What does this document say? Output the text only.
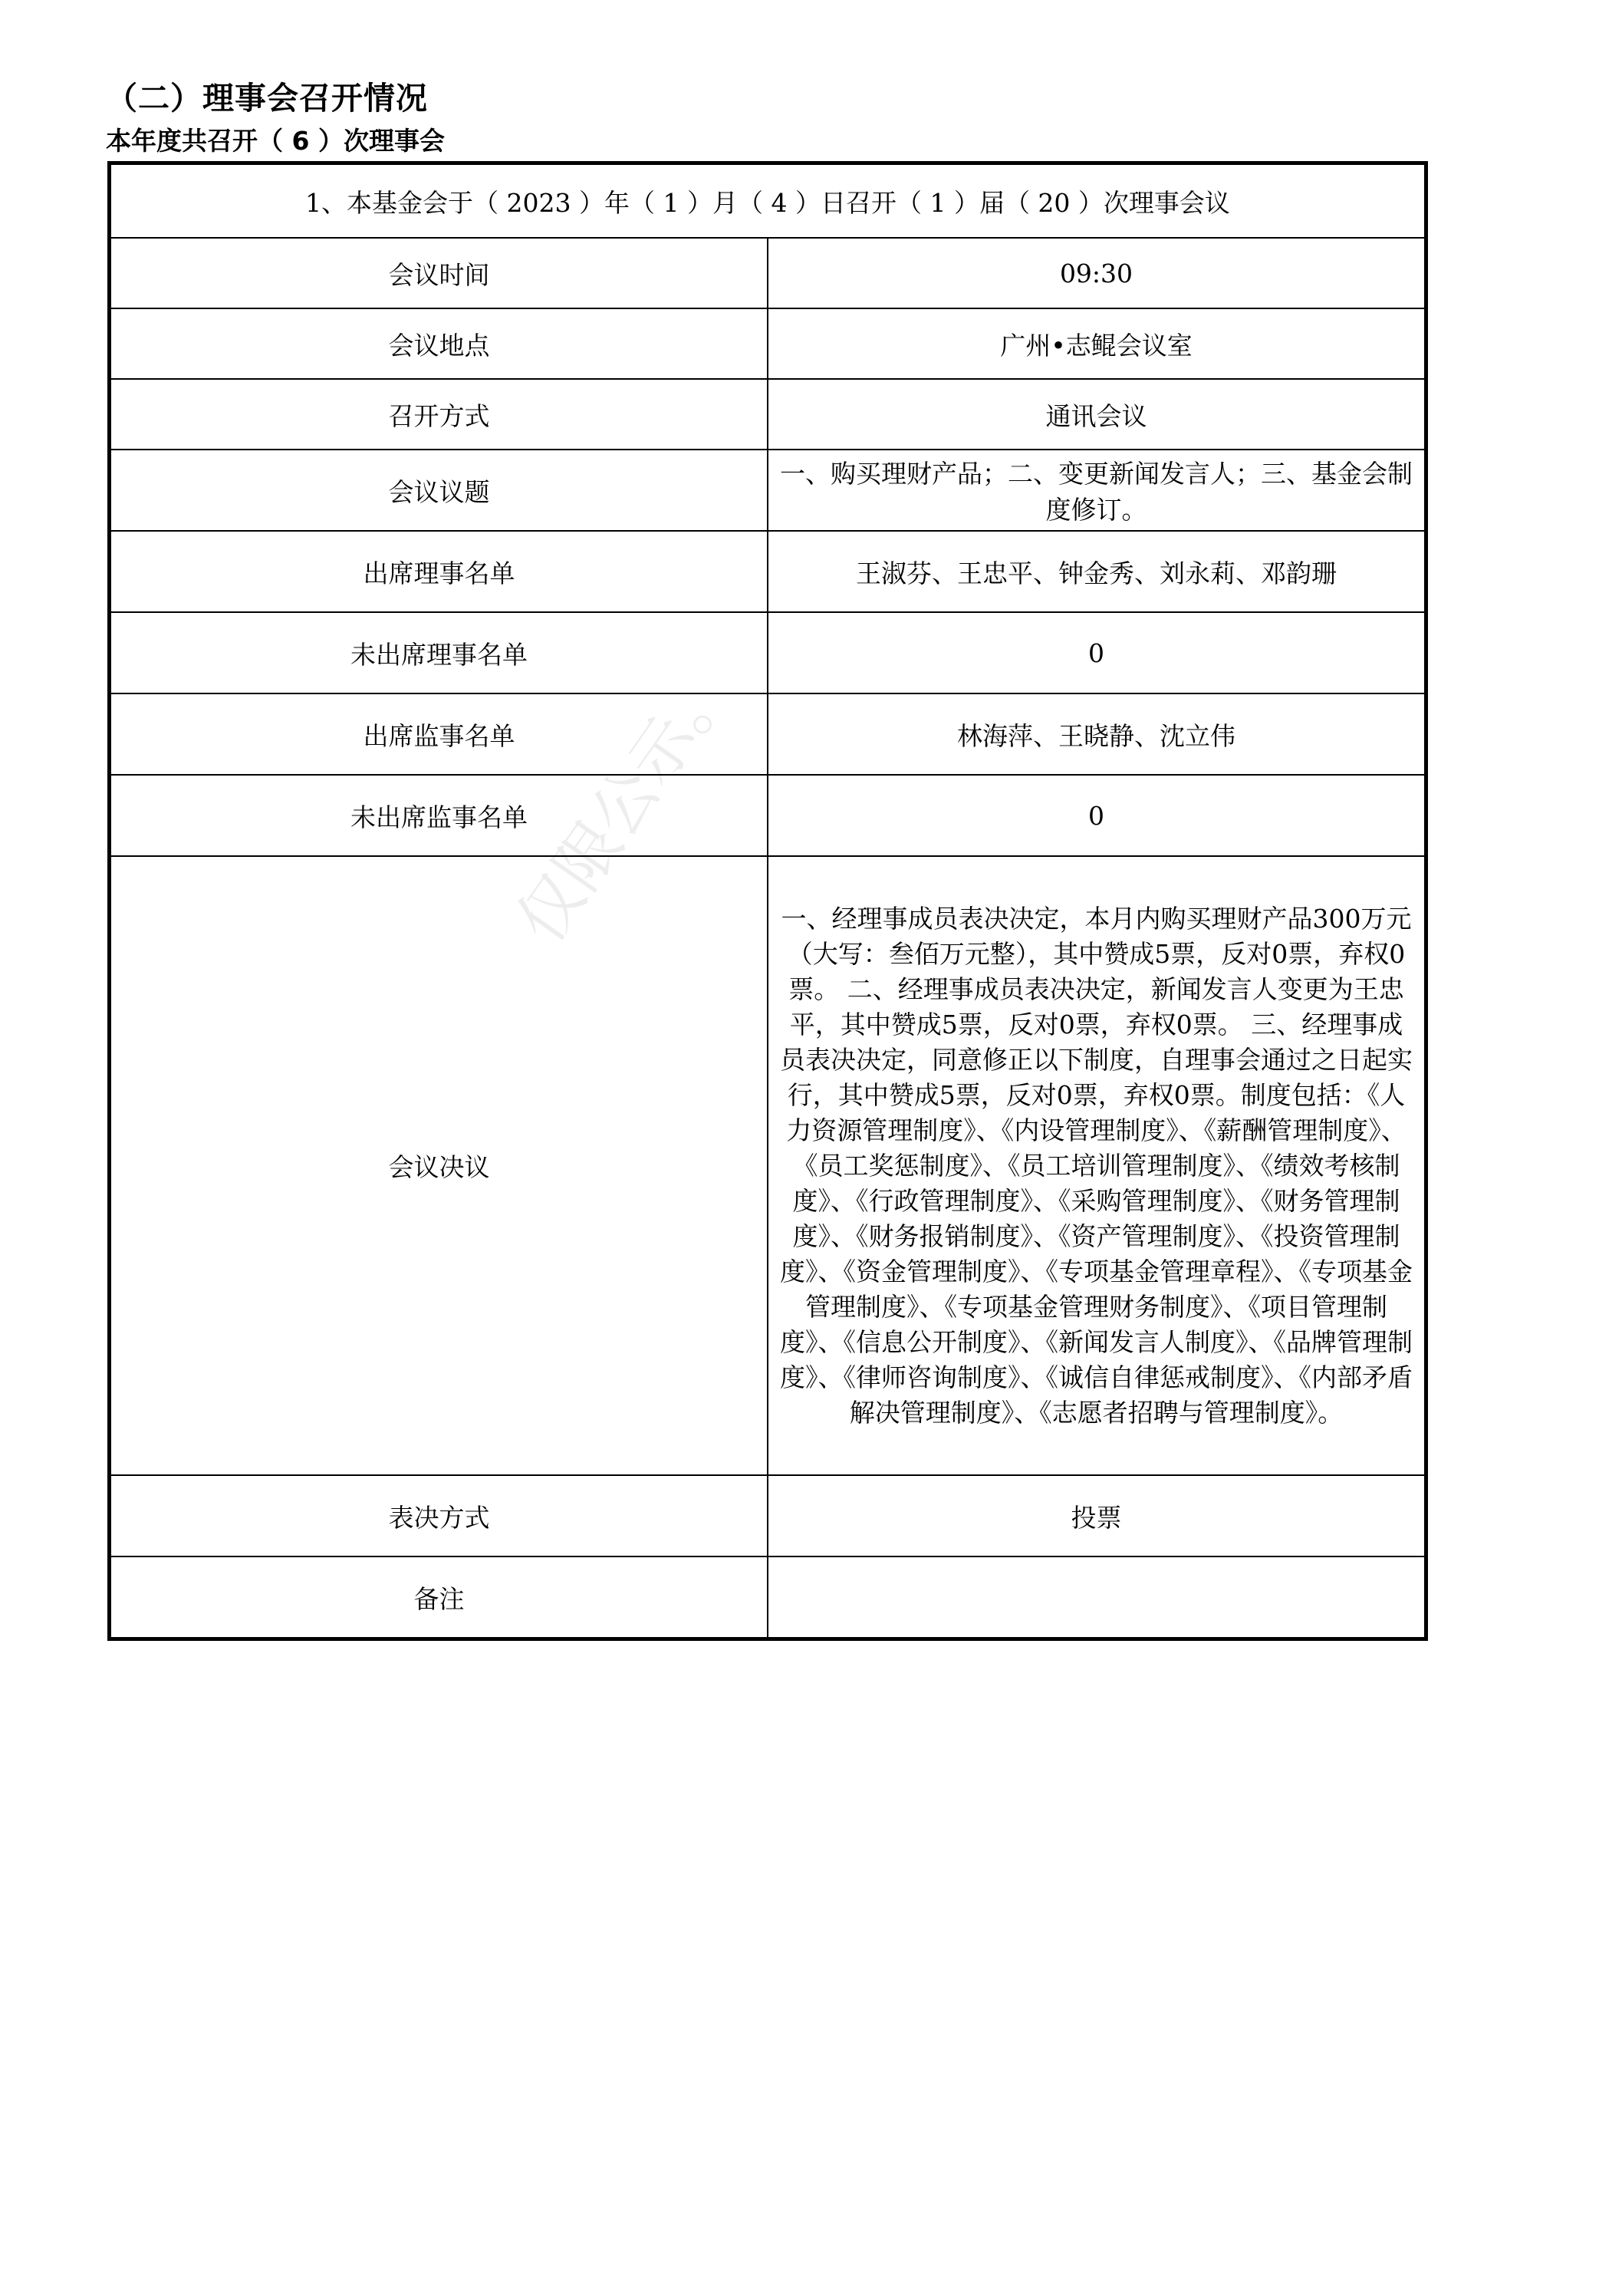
（二）理事会召开情况
本年度共召开（ 6 ）次理事会
1、本基金会于（ 2023 ）年（ 1 ）月（ 4 ）日召开（ 1 ）届（ 20 ）次理事会议	
会议时间	09:30
会议地点	广州•志鲲会议室
召开方式	通讯会议
会议议题	一、购买理财产品；二、变更新闻发言人；三、基金会制度修订。
出席理事名单	王淑芬、王忠平、钟金秀、刘永莉、邓韵珊
未出席理事名单	0
出席监事名单	林海萍、王晓静、沈立伟
未出席监事名单	0
会议决议	一、经理事成员表决决定，本月内购买理财产品300万元（大写：叁佰万元整），其中赞成5票，反对0票，弃权0票。 二、经理事成员表决决定，新闻发言人变更为王忠平，其中赞成5票，反对0票，弃权0票。 三、经理事成员表决决定，同意修正以下制度，自理事会通过之日起实行，其中赞成5票，反对0票，弃权0票。制度包括：《人力资源管理制度》、《内设管理制度》、《薪酬管理制度》、《员工奖惩制度》、《员工培训管理制度》、《绩效考核制度》、《行政管理制度》、《采购管理制度》、《财务管理制度》、《财务报销制度》、《资产管理制度》、《投资管理制度》、《资金管理制度》、《专项基金管理章程》、《专项基金管理制度》、《专项基金管理财务制度》、《项目管理制度》、《信息公开制度》、《新闻发言人制度》、《品牌管理制度》、《律师咨询制度》、《诚信自律惩戒制度》、《内部矛盾解决管理制度》、《志愿者招聘与管理制度》。
表决方式	投票
备注	
仅限公示。
